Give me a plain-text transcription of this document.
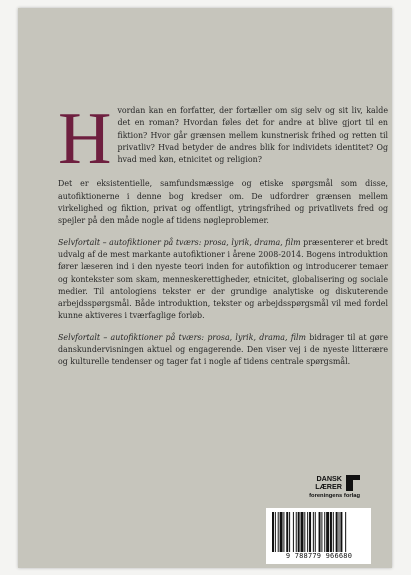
H vordan kan en forfatter, der fortæller om sig selv og sit liv, kalde det en roman? Hvordan føles det for andre at blive gjort til en fiktion? Hvor går grænsen mellem kunstnerisk frihed og retten til privatliv? Hvad betyder de andres blik for individets identitet? Og hvad med køn, etnicitet og religion?

Det er eksistentielle, samfundsmæssige og etiske spørgsmål som disse, autofiktionerne i denne bog kredser om. De udfordrer grænsen mellem virkelighed og fiktion, privat og offentligt, ytringsfrihed og privatlivets fred og spejler på den måde nogle af tidens nøgleproblemer.

Selvfortalt – autofiktioner på tværs: prosa, lyrik, drama, film præsenterer et bredt udvalg af de mest markante autofiktioner i årene 2008-2014. Bogens introduktion fører læseren ind i den nyeste teori inden for autofiktion og introducerer temaer og kontekster som skam, menneskerettigheder, etnicitet, globalisering og sociale medier. Til antologiens tekster er der grundige analytiske og diskuterende arbejdsspørgsmål. Både introduktion, tekster og arbejdsspørgsmål vil med fordel kunne aktiveres i tværfaglige forløb.

Selvfortalt – autofiktioner på tværs: prosa, lyrik, drama, film bidrager til at gøre danskundervisningen aktuel og engagerende. Den viser vej i de nyeste litterære og kulturelle tendenser og tager fat i nogle af tidens centrale spørgsmål.

DANSK
LÆRER
foreningens forlag
9 788779 966680
